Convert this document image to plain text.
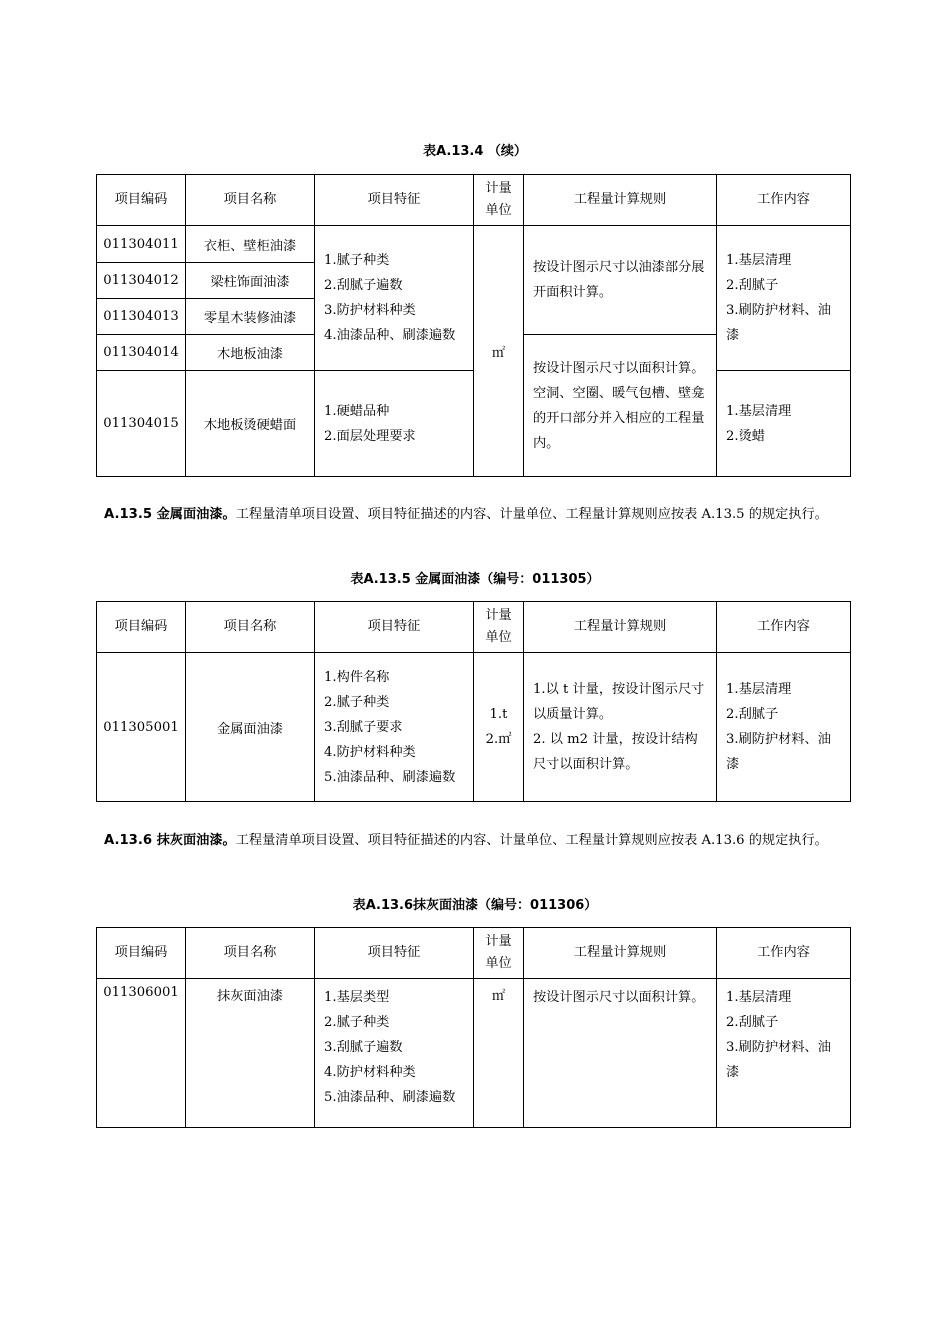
表A.13.4 （续）
项目编码	项目名称	项目特征	计量
单位	工程量计算规则	工作内容
011304011	衣柜、壁柜油漆	1.腻子种类
2.刮腻子遍数
3.防护材料种类
4.油漆品种、刷漆遍数	㎡	按设计图示尺寸以油漆部分展开面积计算。	1.基层清理
2.刮腻子
3.刷防护材料、油漆

011304012	梁柱饰面油漆				
011304013	零星木装修油漆				
011304014	木地板油漆			按设计图示尺寸以面积计算。空洞、空圈、暖气包槽、壁龛的开口部分并入相应的工程量内。	
011304015	木地板烫硬蜡面	1.硬蜡品种
2.面层处理要求			1.基层清理
2.烫蜡
A.13.5 金属面油漆。工程量清单项目设置、项目特征描述的内容、计量单位、工程量计算规则应按表 A.13.5 的规定执行。
表A.13.5 金属面油漆（编号：011305）
项目编码	项目名称	项目特征	计量
单位	工程量计算规则	工作内容
011305001	金属面油漆	1.构件名称
2.腻子种类
3.刮腻子要求
4.防护材料种类
5.油漆品种、刷漆遍数	1.t
2.㎡	1.以 t 计量，按设计图示尺寸以质量计算。
2. 以 m2 计量，按设计结构尺寸以面积计算。	1.基层清理
2.刮腻子
3.刷防护材料、油漆
A.13.6 抹灰面油漆。工程量清单项目设置、项目特征描述的内容、计量单位、工程量计算规则应按表 A.13.6 的规定执行。
表A.13.6抹灰面油漆（编号：011306）
项目编码	项目名称	项目特征	计量
单位	工程量计算规则	工作内容
011306001	抹灰面油漆	1.基层类型
2.腻子种类
3.刮腻子遍数
4.防护材料种类
5.油漆品种、刷漆遍数	㎡	按设计图示尺寸以面积计算。	1.基层清理
2.刮腻子
3.刷防护材料、油漆
